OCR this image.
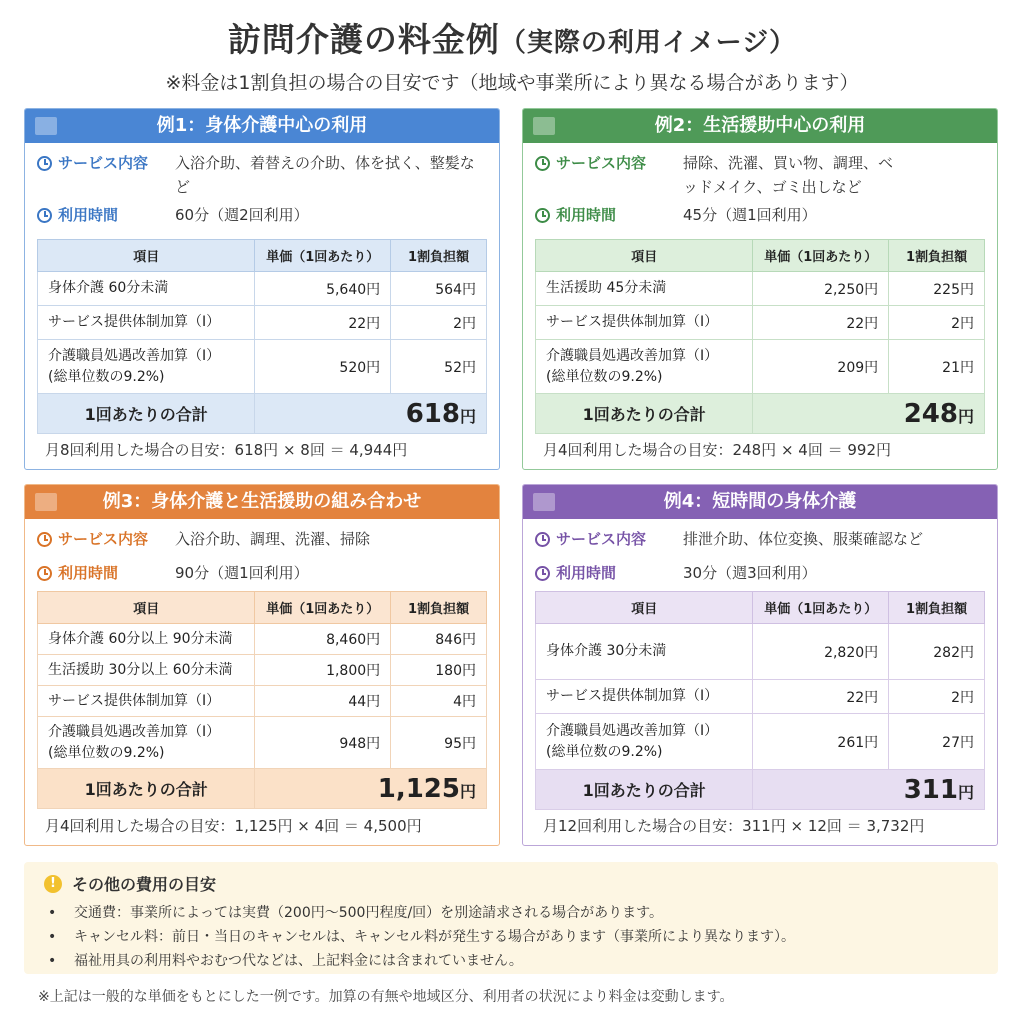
訪問介護の料金例（実際の利用イメージ）
※料金は1割負担の場合の目安です（地域や事業所により異なる場合があります）
例1：身体介護中心の利用
サービス内容 入浴介助、着替えの介助、体を拭く、整髪など
利用時間	60分（週2回利用）
項目	単価（1回あたり）	1割負担額
身体介護 60分未満	5,640円	564円
サービス提供体制加算（I）	22円	2円

介護職員処遇改善加算（I）
(総単位数の9.2%)	520円	52円
1回あたりの合計	618円	
月8回利用した場合の目安：618円 × 8回 ＝ 4,944円
例2：生活援助中心の利用
サービス内容 掃除、洗濯、買い物、調理、ベッドメイク、ゴミ出しなど
利用時間	45分（週1回利用）
項目	単価（1回あたり）	1割負担額
生活援助 45分未満	2,250円	225円
サービス提供体制加算（I）	22円	2円

介護職員処遇改善加算（I）
(総単位数の9.2%)	209円	21円
1回あたりの合計	248円	
月4回利用した場合の目安：248円 × 4回 ＝ 992円
例3：身体介護と生活援助の組み合わせ
サービス内容 入浴介助、調理、洗濯、掃除
利用時間	90分（週1回利用）
項目	単価（1回あたり）	1割負担額
身体介護 60分以上 90分未満	8,460円	846円
生活援助 30分以上 60分未満	1,800円	180円
サービス提供体制加算（I）	44円	4円

介護職員処遇改善加算（I）
(総単位数の9.2%)	948円	95円
1回あたりの合計	1,125円	
月4回利用した場合の目安：1,125円 × 4回 ＝ 4,500円
例4：短時間の身体介護
サービス内容 排泄介助、体位変換、服薬確認など
利用時間	30分（週3回利用）
項目	単価（1回あたり）	1割負担額
身体介護 30分未満	2,820円	282円
サービス提供体制加算（I）	22円	2円

介護職員処遇改善加算（I）
(総単位数の9.2%)	261円	27円
1回あたりの合計	311円	
月12回利用した場合の目安：311円 × 12回 ＝ 3,732円
!	その他の費用の目安
• 交通費：事業所によっては実費（200円〜500円程度/回）を別途請求される場合があります。
• キャンセル料：前日・当日のキャンセルは、キャンセル料が発生する場合があります（事業所により異なります）。
• 福祉用具の利用料やおむつ代などは、上記料金には含まれていません。
※上記は一般的な単価をもとにした一例です。加算の有無や地域区分、利用者の状況により料金は変動します。
